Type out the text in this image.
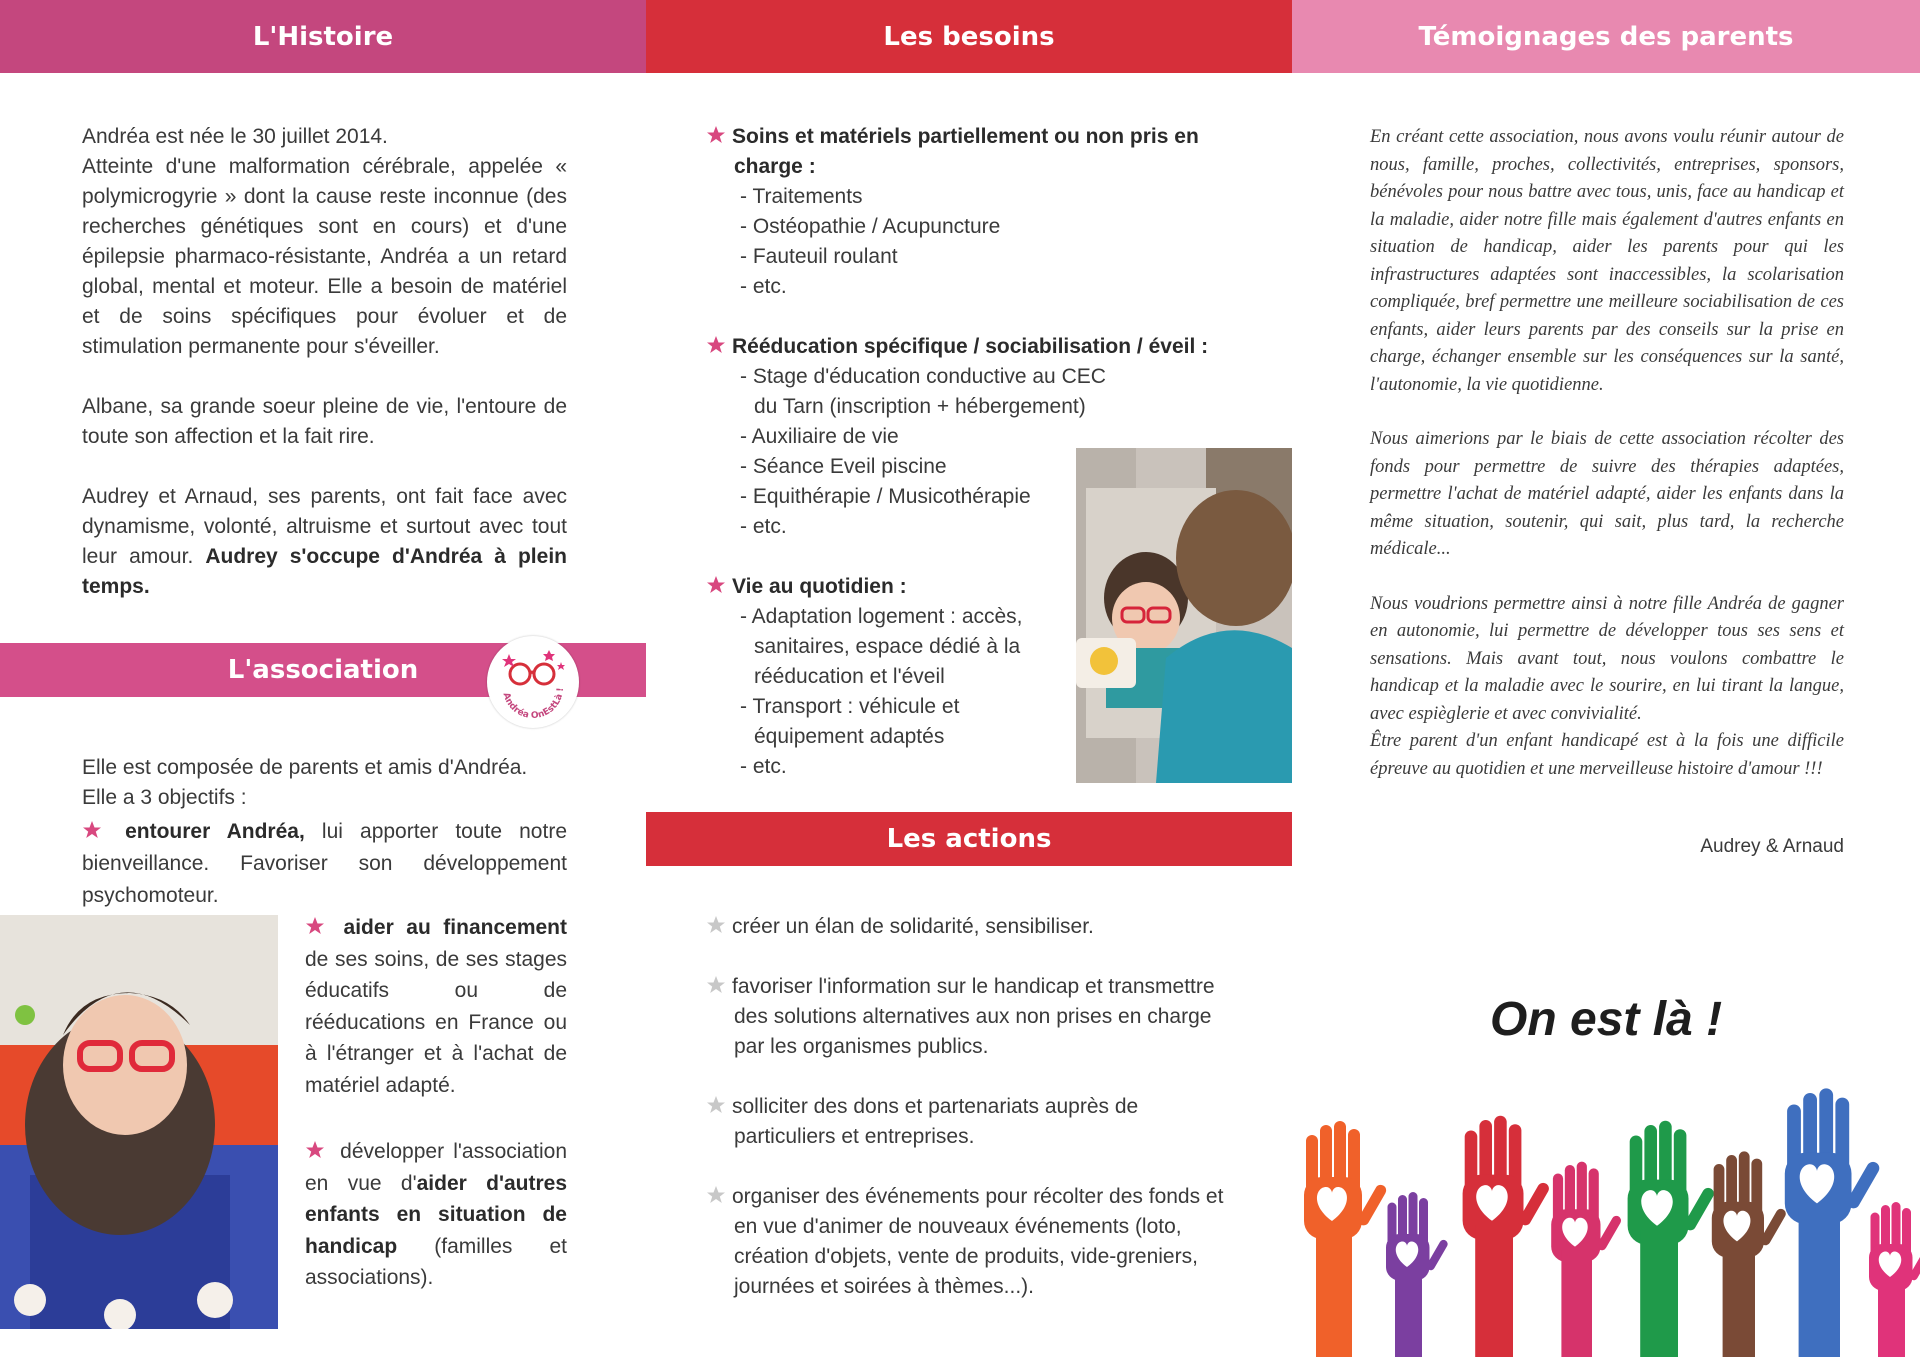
L'Histoire	Les besoins	Témoignages des parents

Andréa est née le 30 juillet 2014.

Atteinte d'une malformation cérébrale, appelée « polymicrogyrie » dont la cause reste inconnue (des recherches génétiques sont en cours) et d'une épilepsie pharmaco-résistante, Andréa a un retard global, mental et moteur. Elle a besoin de matériel et de soins spécifiques pour évoluer et de stimulation permanente pour s'éveiller.

Albane, sa grande soeur pleine de vie, l'entoure de toute son affection et la fait rire.

Audrey et Arnaud, ses parents, ont fait face avec dynamisme, volonté, altruisme et surtout avec tout leur amour. Audrey s'occupe d'Andréa à plein temps.

L'association
Andréa OnEstLà !

Elle est composée de parents et amis d'Andréa.

Elle a 3 objectifs :

entourer Andréa, lui apporter toute notre bienveillance. Favoriser son développement psychomoteur.

aider au financement de ses soins, de ses stages éducatifs ou de rééducations en France ou à l'étranger et à l'achat de matériel adapté.

développer l'association en vue d'aider d'autres enfants en situation de handicap (familles et associations).

Soins et matériels partiellement ou non pris en charge :
- Traitements
- Ostéopathie / Acupuncture
- Fauteuil roulant
- etc.
Rééducation spécifique / sociabilisation / éveil :
- Stage d'éducation conductive au CEC du Tarn (inscription + hébergement)
- Auxiliaire de vie
- Séance Eveil piscine
- Equithérapie / Musicothérapie
- etc.
Vie au quotidien :
- Adaptation logement : accès, sanitaires, espace dédié à la rééducation et l'éveil
- Transport : véhicule et équipement adaptés
- etc.
Les actions
créer un élan de solidarité, sensibiliser.
favoriser l'information sur le handicap et transmettre des solutions alternatives aux non prises en charge par les organismes publics.
solliciter des dons et partenariats auprès de particuliers et entreprises.
organiser des événements pour récolter des fonds et en vue d'animer de nouveaux événements (loto, création d'objets, vente de produits, vide-greniers, journées et soirées à thèmes...).

En créant cette association, nous avons voulu réunir autour de nous, famille, proches, collectivités, entreprises, sponsors, bénévoles pour nous battre avec tous, unis, face au handicap et la maladie, aider notre fille mais également d'autres enfants en situation de handicap, aider les parents pour qui les infrastructures adaptées sont inaccessibles, la scolarisation compliquée, bref permettre une meilleure sociabilisation de ces enfants, aider leurs parents par des conseils sur la prise en charge, échanger ensemble sur les conséquences sur la santé, l'autonomie, la vie quotidienne.

Nous aimerions par le biais de cette association récolter des fonds pour permettre de suivre des thérapies adaptées, permettre l'achat de matériel adapté, aider les enfants dans la même situation, soutenir, qui sait, plus tard, la recherche médicale...

Nous voudrions permettre ainsi à notre fille Andréa de gagner en autonomie, lui permettre de développer tous ses sens et sensations. Mais avant tout, nous voulons combattre le handicap et la maladie avec le sourire, en lui tirant la langue, avec espièglerie et avec convivialité.

Être parent d'un enfant handicapé est à la fois une difficile épreuve au quotidien et une merveilleuse histoire d'amour !!!

Audrey & Arnaud
On est là !
